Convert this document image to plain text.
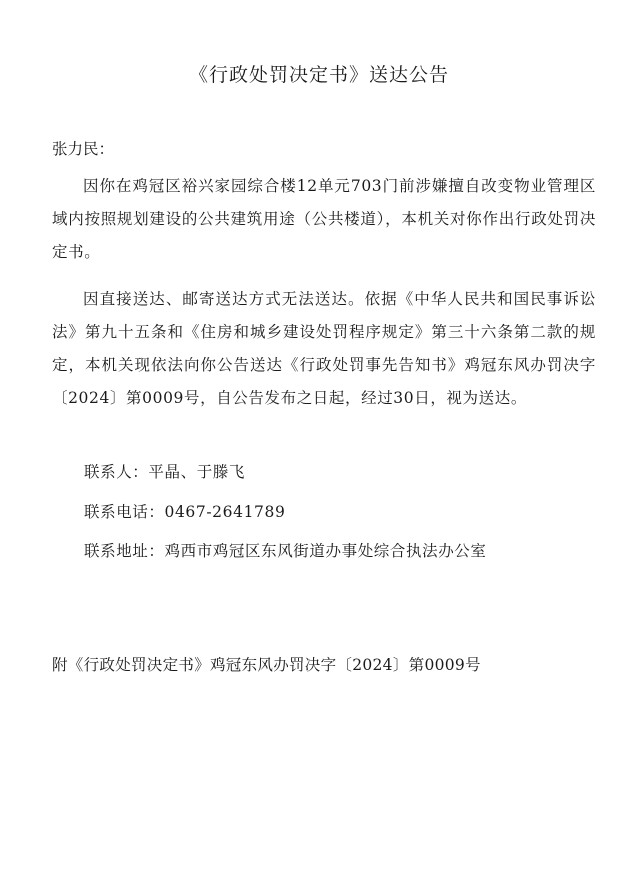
《行政处罚决定书》送达公告
张力民：
因你在鸡冠区裕兴家园综合楼12单元703门前涉嫌擅自改变物业管理区域内按照规划建设的公共建筑用途（公共楼道），本机关对你作出行政处罚决定书。
因直接送达、邮寄送达方式无法送达。依据《中华人民共和国民事诉讼法》第九十五条和《住房和城乡建设处罚程序规定》第三十六条第二款的规定，本机关现依法向你公告送达《行政处罚事先告知书》鸡冠东风办罚决字〔2024〕第0009号，自公告发布之日起，经过30日，视为送达。
联系人：平晶、于滕飞
联系电话：0467-2641789
联系地址：鸡西市鸡冠区东风街道办事处综合执法办公室
附《行政处罚决定书》鸡冠东风办罚决字〔2024〕第0009号
